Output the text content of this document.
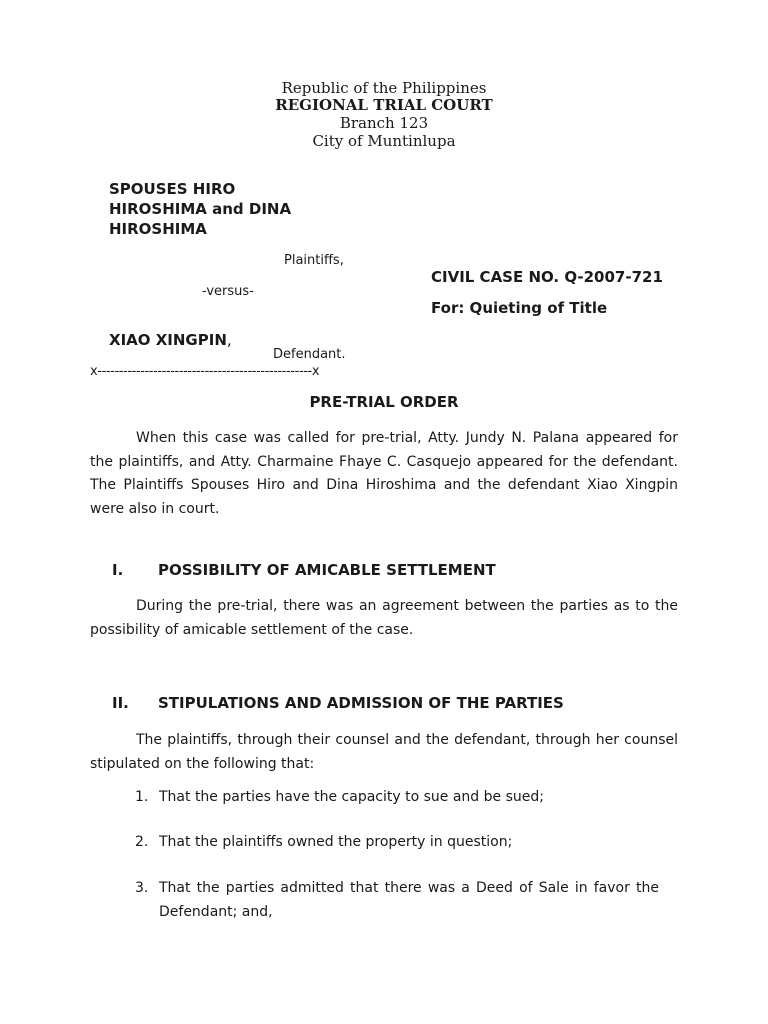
Republic of the Philippines
REGIONAL TRIAL COURT
Branch 123
City of Muntinlupa
SPOUSES HIRO
HIROSHIMA and DINA
HIROSHIMA
Plaintiffs,
-versus-
CIVIL CASE NO. Q-2007-721
For: Quieting of Title
XIAO XINGPIN,
Defendant.
x--------------------------------------------------x
PRE-TRIAL ORDER
When this case was called for pre-trial, Atty. Jundy N. Palana appeared for the plaintiffs, and Atty. Charmaine Fhaye C. Casquejo appeared for the defendant. The Plaintiffs Spouses Hiro and Dina Hiroshima and the defendant Xiao Xingpin were also in court.
I. POSSIBILITY OF AMICABLE SETTLEMENT
During the pre-trial, there was an agreement between the parties as to the possibility of amicable settlement of the case.
II. STIPULATIONS AND ADMISSION OF THE PARTIES
The plaintiffs, through their counsel and the defendant, through her counsel stipulated on the following that:
1. That the parties have the capacity to sue and be sued;
2. That the plaintiffs owned the property in question;
3. That the parties admitted that there was a Deed of Sale in favor the Defendant; and,
